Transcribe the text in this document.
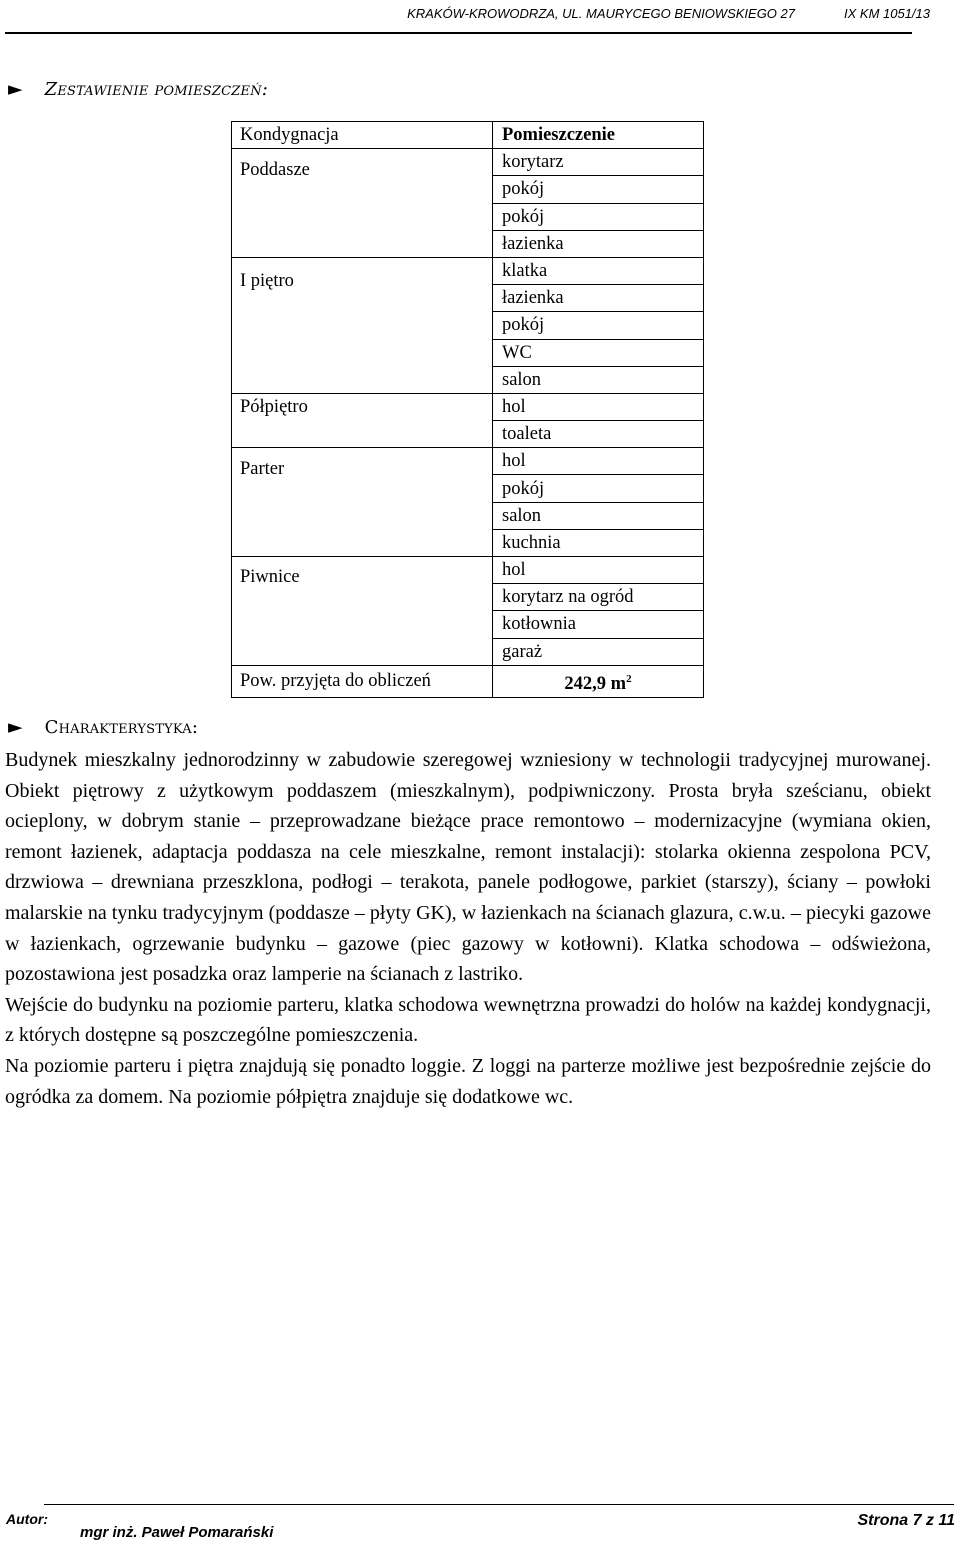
KRAKÓW-KROWODRZA, UL. MAURYCEGO BENIOWSKIEGO 27	IX KM 1051/13
► Zestawienie pomieszczeń:
Kondygnacja	Pomieszczenie
Poddasze	korytarz
	pokój
	pokój
	łazienka
I piętro	klatka
	łazienka
	pokój
	WC
	salon
Półpiętro	hol
	toaleta
Parter	hol
	pokój
	salon
	kuchnia
Piwnice	hol
	korytarz na ogród
	kotłownia
	garaż
Pow. przyjęta do obliczeń	242,9 $m^2$
► Charakterystyka:

Budynek mieszkalny jednorodzinny w zabudowie szeregowej wzniesiony w technologii tradycyjnej murowanej. Obiekt piętrowy z użytkowym poddaszem (mieszkalnym), podpiwniczony. Prosta bryła sześcianu, obiekt ocieplony, w dobrym stanie – przeprowadzane bieżące prace remontowo – modernizacyjne (wymiana okien, remont łazienek, adaptacja poddasza na cele mieszkalne, remont instalacji): stolarka okienna zespolona PCV, drzwiowa – drewniana przeszklona, podłogi – terakota, panele podłogowe, parkiet (starszy), ściany – powłoki malarskie na tynku tradycyjnym (poddasze – płyty GK), w łazienkach na ścianach glazura, c.w.u. – piecyki gazowe w łazienkach, ogrzewanie budynku – gazowe (piec gazowy w kotłowni). Klatka schodowa – odświeżona, pozostawiona jest posadzka oraz lamperie na ścianach z lastriko.

Wejście do budynku na poziomie parteru, klatka schodowa wewnętrzna prowadzi do holów na każdej kondygnacji, z których dostępne są poszczególne pomieszczenia.

Na poziomie parteru i piętra znajdują się ponadto loggie. Z loggi na parterze możliwe jest bezpośrednie zejście do ogródka za domem. Na poziomie półpiętra znajduje się dodatkowe wc.

Autor:
mgr inż. Paweł Pomarański
Strona 7 z 11
